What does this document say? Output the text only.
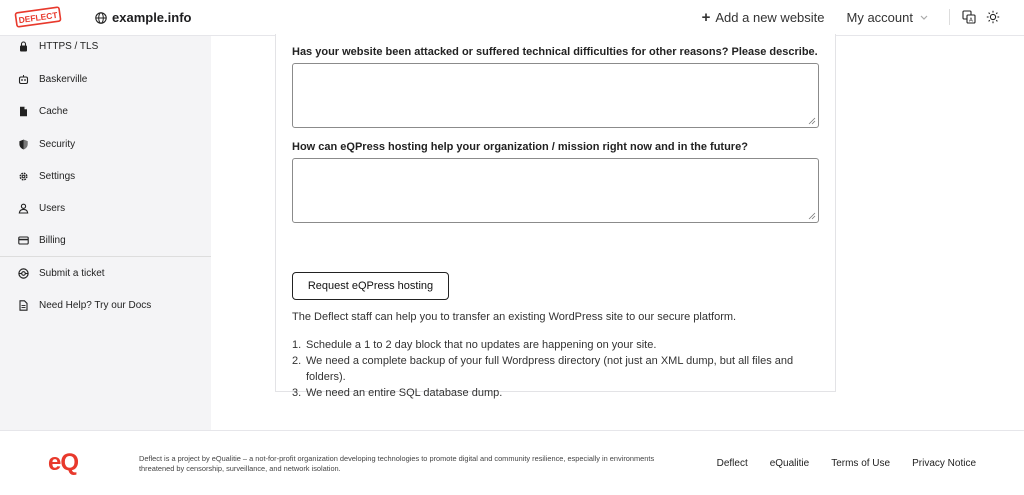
DEFLECT	example.info	+ Add a new website My account	A
HTTPS / TLS
Baskerville
Cache
Security
Settings
Users
Billing
Submit a ticket
Need Help? Try our Docs
Has your website been attacked or suffered technical difficulties for other reasons? Please describe.
How can eQPress hosting help your organization / mission right now and in the future?
Request eQPress hosting
The Deflect staff can help you to transfer an existing WordPress site to our secure platform.
1. Schedule a 1 to 2 day block that no updates are happening on your site.
2. We need a complete backup of your full Wordpress directory (not just an XML dump, but all files and folders).
3. We need an entire SQL database dump.
eQ	Deflect is a project by eQualitie – a not-for-profit organization developing technologies to promote digital and community resilience, especially in environments threatened by censorship, surveillance, and network isolation.	Deflect eQualitie Terms of Use Privacy Notice
